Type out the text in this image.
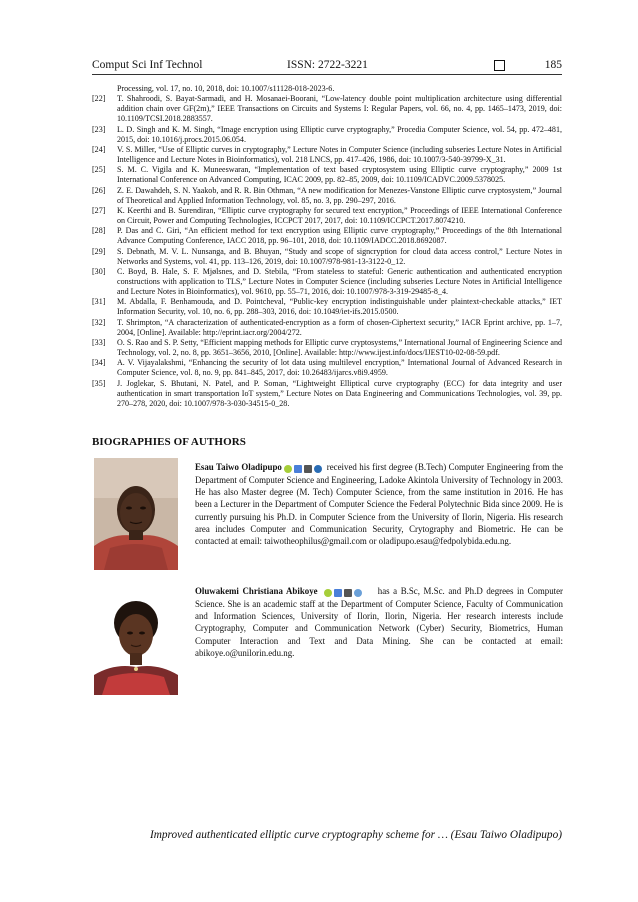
Comput Sci Inf Technol	ISSN: 2722-3221	185
Processing, vol. 17, no. 10, 2018, doi: 10.1007/s11128-018-2023-6.
[22] T. Shahroodi, S. Bayat-Sarmadi, and H. Mosanaei-Boorani, “Low-latency double point multiplication architecture using differential addition chain over GF(2m),” IEEE Transactions on Circuits and Systems I: Regular Papers, vol. 66, no. 4, pp. 1465–1473, 2019, doi: 10.1109/TCSI.2018.2883557.
[23] L. D. Singh and K. M. Singh, “Image encryption using Elliptic curve cryptography,” Procedia Computer Science, vol. 54, pp. 472–481, 2015, doi: 10.1016/j.procs.2015.06.054.
[24] V. S. Miller, “Use of Elliptic curves in cryptography,” Lecture Notes in Computer Science (including subseries Lecture Notes in Artificial Intelligence and Lecture Notes in Bioinformatics), vol. 218 LNCS, pp. 417–426, 1986, doi: 10.1007/3-540-39799-X_31.
[25] S. M. C. Vigila and K. Muneeswaran, “Implementation of text based cryptosystem using Elliptic curve cryptography,” 2009 1st International Conference on Advanced Computing, ICAC 2009, pp. 82–85, 2009, doi: 10.1109/ICADVC.2009.5378025.
[26] Z. E. Dawahdeh, S. N. Yaakob, and R. R. Bin Othman, “A new modification for Menezes-Vanstone Elliptic curve cryptosystem,” Journal of Theoretical and Applied Information Technology, vol. 85, no. 3, pp. 290–297, 2016.
[27] K. Keerthi and B. Surendiran, “Elliptic curve cryptography for secured text encryption,” Proceedings of IEEE International Conference on Circuit, Power and Computing Technologies, ICCPCT 2017, 2017, doi: 10.1109/ICCPCT.2017.8074210.
[28] P. Das and C. Giri, “An efficient method for text encryption using Elliptic curve cryptography,” Proceedings of the 8th International Advance Computing Conference, IACC 2018, pp. 96–101, 2018, doi: 10.1109/IADCC.2018.8692087.
[29] S. Debnath, M. V. L. Nunsanga, and B. Bhuyan, “Study and scope of signcryption for cloud data access control,” Lecture Notes in Networks and Systems, vol. 41, pp. 113–126, 2019, doi: 10.1007/978-981-13-3122-0_12.
[30] C. Boyd, B. Hale, S. F. Mjølsnes, and D. Stebila, “From stateless to stateful: Generic authentication and authenticated encryption constructions with application to TLS,” Lecture Notes in Computer Science (including subseries Lecture Notes in Artificial Intelligence and Lecture Notes in Bioinformatics), vol. 9610, pp. 55–71, 2016, doi: 10.1007/978-3-319-29485-8_4.
[31] M. Abdalla, F. Benhamouda, and D. Pointcheval, “Public-key encryption indistinguishable under plaintext-checkable attacks,” IET Information Security, vol. 10, no. 6, pp. 288–303, 2016, doi: 10.1049/iet-ifs.2015.0500.
[32] T. Shrimpton, “A characterization of authenticated-encryption as a form of chosen-Ciphertext security,” IACR Eprint archive, pp. 1–7, 2004, [Online]. Available: http://eprint.iacr.org/2004/272.
[33] O. S. Rao and S. P. Setty, “Efficient mapping methods for Elliptic curve cryptosystems,” International Journal of Engineering Science and Technology, vol. 2, no. 8, pp. 3651–3656, 2010, [Online]. Available: http://www.ijest.info/docs/IJEST10-02-08-59.pdf.
[34] A. V. Vijayalakshmi, “Enhancing the security of lot data using multilevel encryption,” International Journal of Advanced Research in Computer Science, vol. 8, no. 9, pp. 841–845, 2017, doi: 10.26483/ijarcs.v8i9.4959.
[35] J. Joglekar, S. Bhutani, N. Patel, and P. Soman, “Lightweight Elliptical curve cryptography (ECC) for data integrity and user authentication in smart transportation IoT system,” Lecture Notes on Data Engineering and Communications Technologies, vol. 39, pp. 270–278, 2020, doi: 10.1007/978-3-030-34515-0_28.
BIOGRAPHIES OF AUTHORS
Esau Taiwo Oladipupo	received his first degree (B.Tech) Computer Engineering from the Department of Computer Science and Engineering, Ladoke Akintola University of Technology in 2003. He has also Master degree (M. Tech) Computer Science, from the same institution in 2016. He has been a Lecturer in the Department of Computer Science the Federal Polytechnic Bida since 2009. He is currently pursuing his Ph.D. in Computer Science from the University of Ilorin, Nigeria. His research area includes Computer and Communication Security, Crytography and Biometric. He can be contacted at email: taiwotheophilus@gmail.com or oladipupo.esau@fedpolybida.edu.ng.
Oluwakemi Christiana Abikoye	has a B.Sc, M.Sc. and Ph.D degrees in Computer Science. She is an academic staff at the Department of Computer Science, Faculty of Communication and Information Sciences, University of Ilorin, Ilorin, Nigeria. Her research interests include Cryptography, Computer and Communication Network (Cyber) Security, Biometrics, Human Computer Interaction and Text and Data Mining. She can be contacted at email: abikoye.o@unilorin.edu.ng.
Improved authenticated elliptic curve cryptography scheme for … (Esau Taiwo Oladipupo)
